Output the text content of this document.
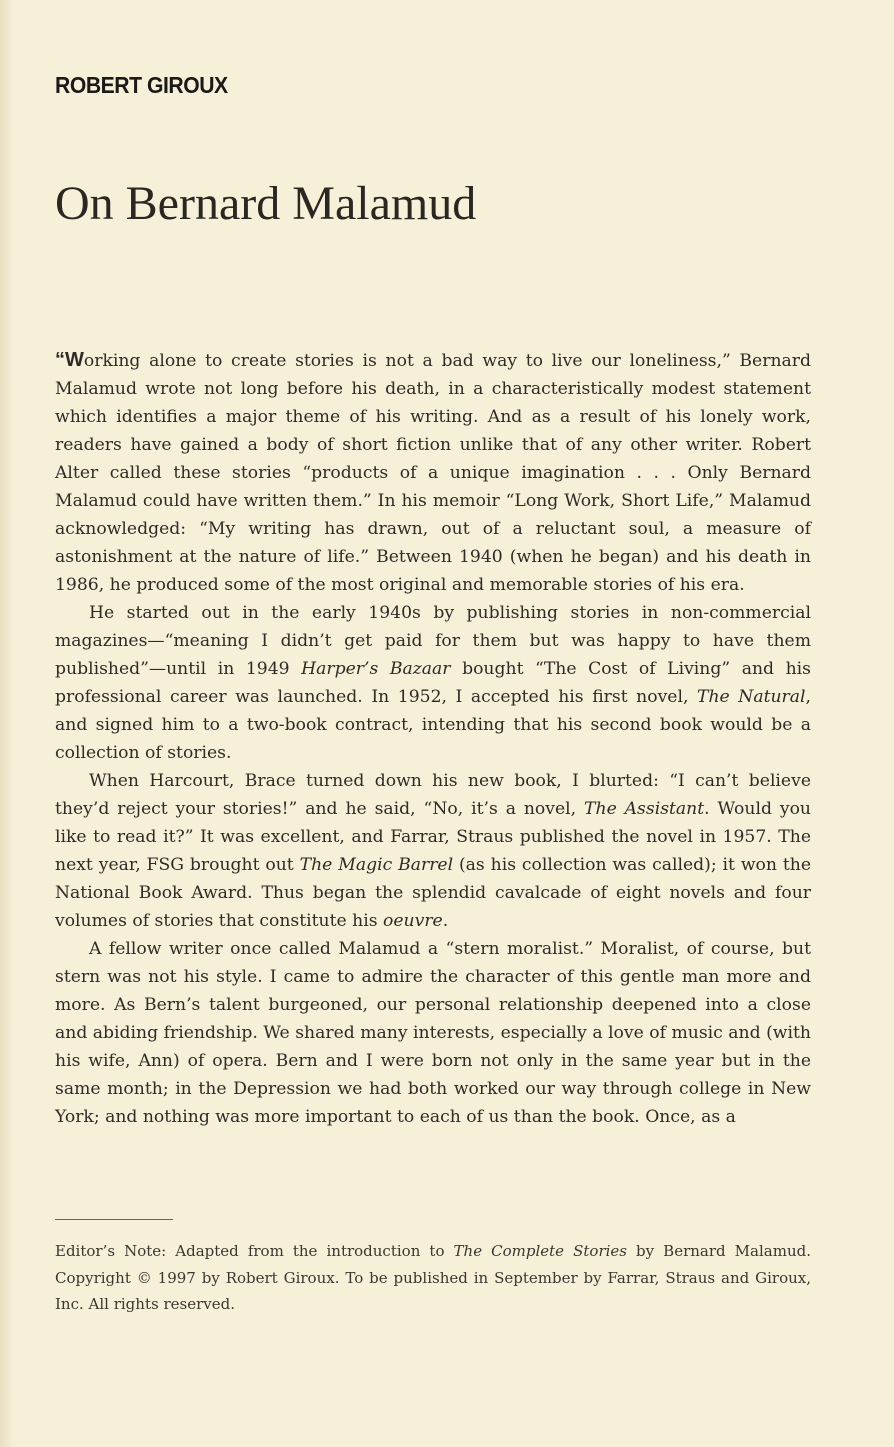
ROBERT GIROUX
On Bernard Malamud

“Working alone to create stories is not a bad way to live our loneliness,” Bernard Malamud wrote not long before his death, in a characteristically modest statement which identifies a major theme of his writing. And as a result of his lonely work, readers have gained a body of short fiction unlike that of any other writer. Robert Alter called these stories “products of a unique imagination . . . Only Bernard Malamud could have written them.” In his memoir “Long Work, Short Life,” Malamud acknowledged: “My writing has drawn, out of a reluctant soul, a measure of astonishment at the nature of life.” Between 1940 (when he began) and his death in 1986, he produced some of the most original and memorable stories of his era.

He started out in the early 1940s by publishing stories in non-commercial magazines—“meaning I didn’t get paid for them but was happy to have them published”—until in 1949 Harper’s Bazaar bought “The Cost of Living” and his professional career was launched. In 1952, I accepted his first novel, The Natural, and signed him to a two-book contract, intending that his second book would be a collection of stories.

When Harcourt, Brace turned down his new book, I blurted: “I can’t believe they’d reject your stories!” and he said, “No, it’s a novel, The Assistant. Would you like to read it?” It was excellent, and Farrar, Straus published the novel in 1957. The next year, FSG brought out The Magic Barrel (as his collection was called); it won the National Book Award. Thus began the splendid cavalcade of eight novels and four volumes of stories that constitute his oeuvre.

A fellow writer once called Malamud a “stern moralist.” Moralist, of course, but stern was not his style. I came to admire the character of this gentle man more and more. As Bern’s talent burgeoned, our personal relationship deepened into a close and abiding friendship. We shared many interests, especially a love of music and (with his wife, Ann) of opera. Bern and I were born not only in the same year but in the same month; in the Depression we had both worked our way through college in New York; and nothing was more important to each of us than the book. Once, as a

Editor’s Note: Adapted from the introduction to The Complete Stories by Bernard Malamud. Copyright © 1997 by Robert Giroux. To be published in September by Farrar, Straus and Giroux, Inc. All rights reserved.
